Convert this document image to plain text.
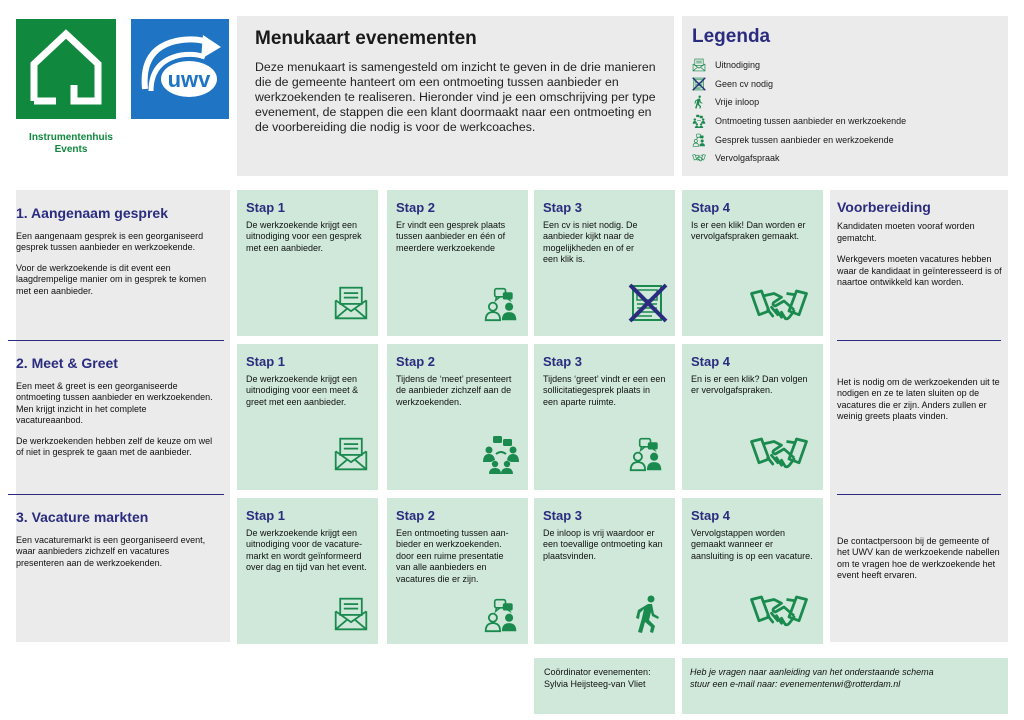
Instrumentenhuis
Events
uwv
Menukaart evenementen

Deze menukaart is samengesteld om inzicht te geven in de drie manieren die de gemeente hanteert om een ontmoeting tussen aanbieder en werkzoekenden te realiseren. Hieronder vind je een omschrijving per type evenement, de stappen die een klant doormaakt naar een ontmoeting en de voorbereiding die nodig is voor de werkcoaches.

Legenda
Uitnodiging
Geen cv nodig
Vrije inloop
Ontmoeting tussen aanbieder en werkzoekende
Gesprek tussen aanbieder en werkzoekende
Vervolgafspraak
1. Aangenaam gesprek

Een aangenaam gesprek is een georganiseerd gesprek tussen aanbieder en werkzoekende.

Voor de werkzoekende is dit event een laagdrempelige manier om in gesprek te komen met een aanbieder.

2. Meet & Greet

Een meet & greet is een georganiseerde ontmoeting tussen aanbieder en werkzoekenden. Men krijgt inzicht in het complete vacatureaanbod.

De werkzoekenden hebben zelf de keuze om wel of niet in gesprek te gaan met de aanbieder.

3. Vacature markten

Een vacaturemarkt is een georganiseerd event, waar aanbieders zichzelf en vacatures presenteren aan de werkzoekenden.

Stap 1
De werkzoekende krijgt een uitnodiging voor een gesprek met een aanbieder.
Stap 2
Er vindt een gesprek plaats tussen aanbieder en één of meerdere werkzoekende
Stap 3
Een cv is niet nodig. De aanbieder kijkt naar de mogelijkheden en of er een klik is.
Stap 4
Is er een klik! Dan worden er vervolgafspraken gemaakt.
Stap 1
De werkzoekende krijgt een uitnodiging voor een meet & greet met een aanbieder.
Stap 2
Tijdens de ‘meet’ presenteert de aanbieder zichzelf aan de werkzoekenden.
Stap 3
Tijdens ‘greet’ vindt er een een sollicitatiegesprek plaats in een aparte ruimte.
Stap 4
En is er een klik? Dan volgen er vervolgafspraken.
Stap 1
De werkzoekende krijgt een uitnodiging voor de vacature-markt en wordt geïnformeerd over dag en tijd van het event.
Stap 2
Een ontmoeting tussen aan-bieder en werkzoekenden. door een ruime presentatie van alle aanbieders en vacatures die er zijn.
Stap 3
De inloop is vrij waardoor er een toevallige ontmoeting kan plaatsvinden.
Stap 4
Vervolgstappen worden gemaakt wanneer er aansluiting is op een vacature.
Voorbereiding

Kandidaten moeten vooraf worden gematcht.

Werkgevers moeten vacatures hebben waar de kandidaat in geïnteresseerd is of naartoe ontwikkeld kan worden.

Het is nodig om de werkzoekenden uit te nodigen en ze te laten sluiten op de vacatures die er zijn. Anders zullen er weinig greets plaats vinden.

De contactpersoon bij de gemeente of het UWV kan de werkzoekende nabellen om te vragen hoe de werkzoekende het event heeft ervaren.

Coördinator evenementen:
Sylvia Heijsteeg-van Vliet
Heb je vragen naar aanleiding van het onderstaande schema
stuur een e-mail naar: evenementenwi@rotterdam.nl
